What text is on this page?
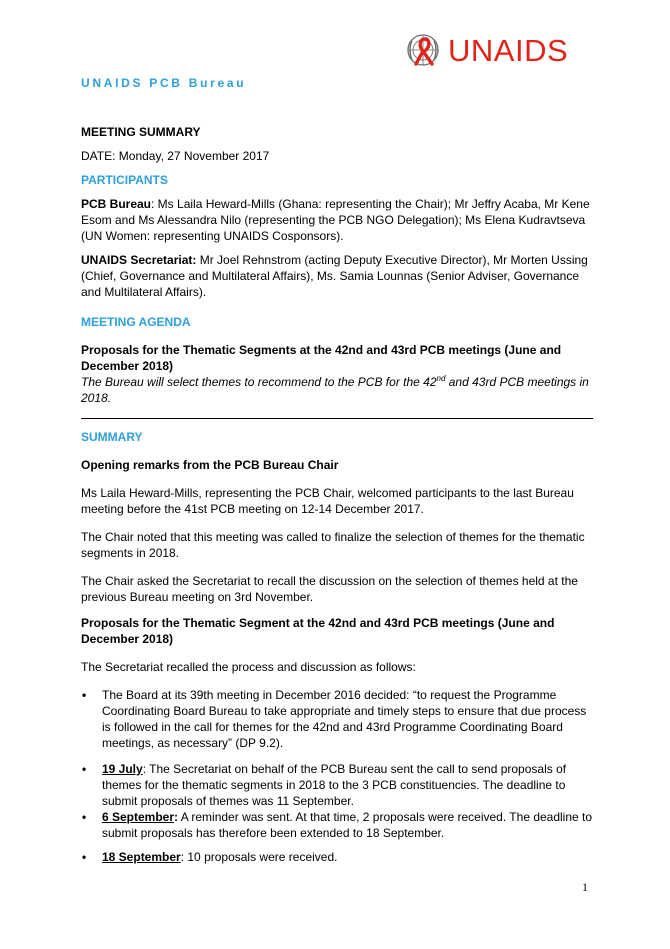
UNAIDS
UNAIDS PCB Bureau

MEETING SUMMARY

DATE: Monday, 27 November 2017

PARTICIPANTS

PCB Bureau: Ms Laila Heward-Mills (Ghana: representing the Chair); Mr Jeffry Acaba, Mr Kene Esom and Ms Alessandra Nilo (representing the PCB NGO Delegation); Ms Elena Kudravtseva (UN Women: representing UNAIDS Cosponsors).

UNAIDS Secretariat: Mr Joel Rehnstrom (acting Deputy Executive Director), Mr Morten Ussing (Chief, Governance and Multilateral Affairs), Ms. Samia Lounnas (Senior Adviser, Governance and Multilateral Affairs).

MEETING AGENDA

Proposals for the Thematic Segments at the 42nd and 43rd PCB meetings (June and December 2018)

The Bureau will select themes to recommend to the PCB for the 42nd and 43rd PCB meetings in 2018.

SUMMARY

Opening remarks from the PCB Bureau Chair

Ms Laila Heward-Mills, representing the PCB Chair, welcomed participants to the last Bureau meeting before the 41st PCB meeting on 12-14 December 2017.

The Chair noted that this meeting was called to finalize the selection of themes for the thematic segments in 2018.

The Chair asked the Secretariat to recall the discussion on the selection of themes held at the previous Bureau meeting on 3rd November.

Proposals for the Thematic Segment at the 42nd and 43rd PCB meetings (June and December 2018)

The Secretariat recalled the process and discussion as follows:

• The Board at its 39th meeting in December 2016 decided: “to request the Programme Coordinating Board Bureau to take appropriate and timely steps to ensure that due process is followed in the call for themes for the 42nd and 43rd Programme Coordinating Board meetings, as necessary” (DP 9.2).
• 19 July: The Secretariat on behalf of the PCB Bureau sent the call to send proposals of themes for the thematic segments in 2018 to the 3 PCB constituencies. The deadline to submit proposals of themes was 11 September.
• 6 September: A reminder was sent. At that time, 2 proposals were received. The deadline to submit proposals has therefore been extended to 18 September.
• 18 September: 10 proposals were received.
1
